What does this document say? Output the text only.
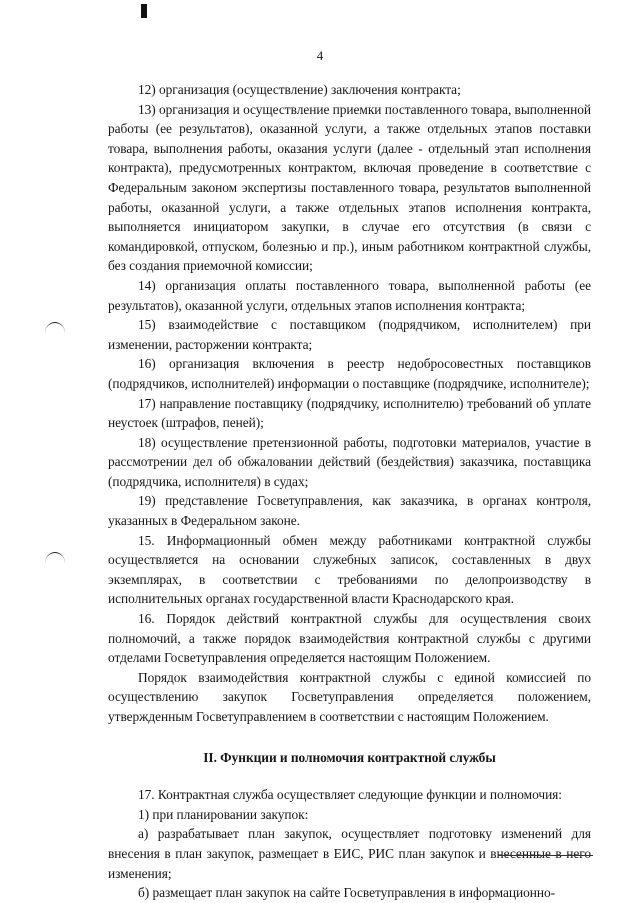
4

12) организация (осуществление) заключения контракта;

13) организация и осуществление приемки поставленного товара, выполненной работы (ее результатов), оказанной услуги, а также отдельных этапов поставки товара, выполнения работы, оказания услуги (далее - отдельный этап исполнения контракта), предусмотренных контрактом, включая проведение в соответствие с Федеральным законом экспертизы поставленного товара, результатов выполненной работы, оказанной услуги, а также отдельных этапов исполнения контракта, выполняется инициатором закупки, в случае его отсутствия (в связи с командировкой, отпуском, болезнью и пр.), иным работником контрактной службы, без создания приемочной комиссии;

14) организация оплаты поставленного товара, выполненной работы (ее результатов), оказанной услуги, отдельных этапов исполнения контракта;

15) взаимодействие с поставщиком (подрядчиком, исполнителем) при изменении, расторжении контракта;

16) организация включения в реестр недобросовестных поставщиков (подрядчиков, исполнителей) информации о поставщике (подрядчике, исполнителе);

17) направление поставщику (подрядчику, исполнителю) требований об уплате неустоек (штрафов, пеней);

18) осуществление претензионной работы, подготовки материалов, участие в рассмотрении дел об обжаловании действий (бездействия) заказчика, поставщика (подрядчика, исполнителя) в судах;

19) представление Госветуправления, как заказчика, в органах контроля, указанных в Федеральном законе.

15. Информационный обмен между работниками контрактной службы осуществляется на основании служебных записок, составленных в двух экземплярах, в соответствии с требованиями по делопроизводству в исполнительных органах государственной власти Краснодарского края.

16. Порядок действий контрактной службы для осуществления своих полномочий, а также порядок взаимодействия контрактной службы с другими отделами Госветуправления определяется настоящим Положением.

Порядок взаимодействия контрактной службы с единой комиссией по осуществлению закупок Госветуправления определяется положением, утвержденным Госветуправлением в соответствии с настоящим Положением.

II. Функции и полномочия контрактной службы

17. Контрактная служба осуществляет следующие функции и полномочия:

1) при планировании закупок:

а) разрабатывает план закупок, осуществляет подготовку изменений для внесения в план закупок, размещает в ЕИС, РИС план закупок и внесенные в него изменения;

б) размещает план закупок на сайте Госветуправления в информационно-
